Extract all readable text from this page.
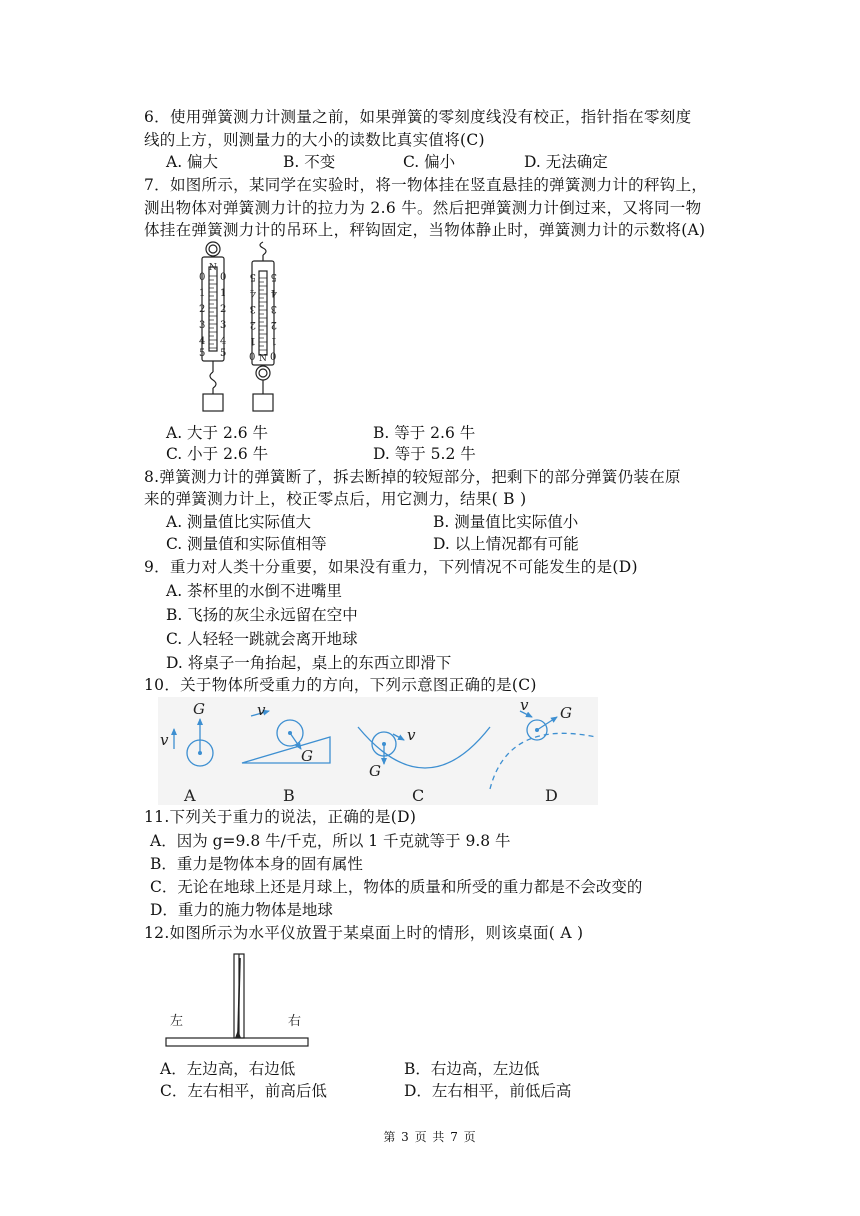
6．使用弹簧测力计测量之前，如果弹簧的零刻度线没有校正，指针指在零刻度
线的上方，则测量力的大小的读数比真实值将(C)
A. 偏大	B. 不变	C. 偏小	D. 无法确定
7．如图所示，某同学在实验时，将一物体挂在竖直悬挂的弹簧测力计的秤钩上，
测出物体对弹簧测力计的拉力为 2.6 牛。然后把弹簧测力计倒过来，又将同一物
体挂在弹簧测力计的吊环上，秤钩固定，当物体静止时，弹簧测力计的示数将(A)
N
0
1
2
3
4
5
0
1
2
3
4
5
5
4
3
2
1
0
5
4
3
2
1
0
N
A. 大于 2.6 牛	B. 等于 2.6 牛
C. 小于 2.6 牛	D. 等于 5.2 牛
8.弹簧测力计的弹簧断了，拆去断掉的较短部分，把剩下的部分弹簧仍装在原
来的弹簧测力计上，校正零点后，用它测力，结果( B )
A. 测量值比实际值大	B. 测量值比实际值小
C. 测量值和实际值相等	D. 以上情况都有可能
9．重力对人类十分重要，如果没有重力，下列情况不可能发生的是(D)
A. 茶杯里的水倒不进嘴里
B. 飞扬的灰尘永远留在空中
C. 人轻轻一跳就会离开地球
D. 将桌子一角抬起，桌上的东西立即滑下
10．关于物体所受重力的方向，下列示意图正确的是(C)
G
v
G
v
G
v
G
v
A	B	C	D
11.下列关于重力的说法，正确的是(D)
A．因为 g=9.8 牛/千克，所以 1 千克就等于 9.8 牛
B．重力是物体本身的固有属性
C．无论在地球上还是月球上，物体的质量和所受的重力都是不会改变的
D．重力的施力物体是地球
12.如图所示为水平仪放置于某桌面上时的情形，则该桌面( A )
左	右
A．左边高，右边低	B．右边高，左边低
C．左右相平，前高后低	D．左右相平，前低后高
第 3 页 共 7 页
